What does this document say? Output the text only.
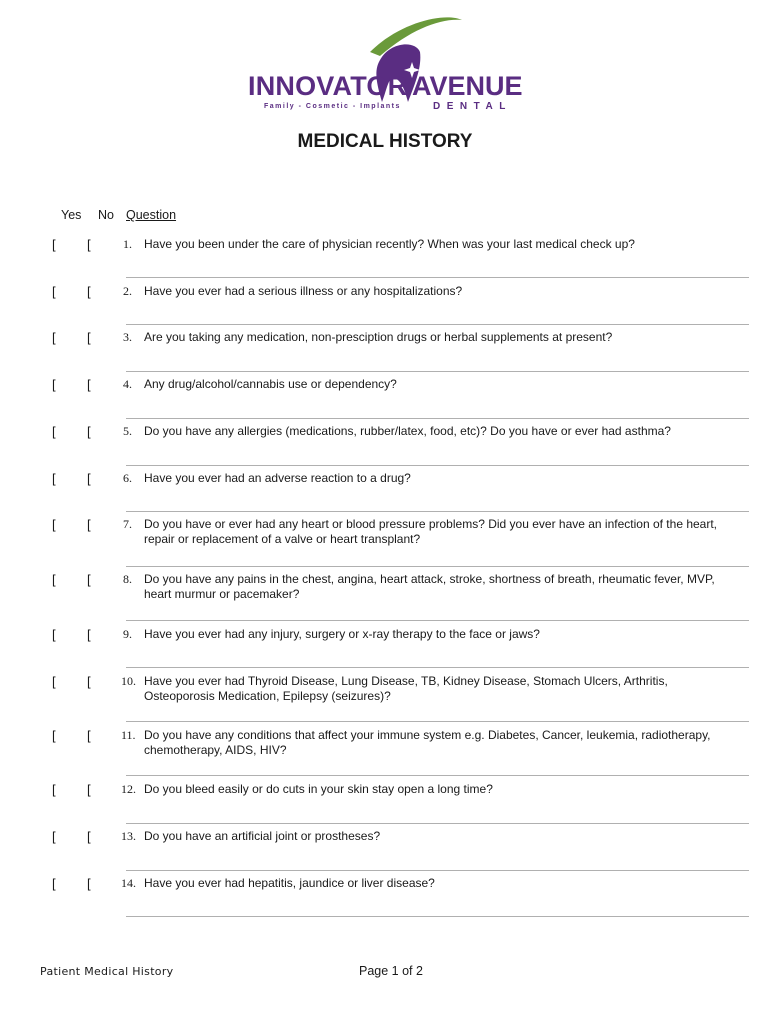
INNOVATOR AVENUE
Family - Cosmetic - Implants	DENTAL
MEDICAL HISTORY
Yes No Question
[ [	1. Have you been under the care of physician recently? When was your last medical check up?
[ [	2. Have you ever had a serious illness or any hospitalizations?
[ [	3. Are you taking any medication, non-presciption drugs or herbal supplements at present?
[ [	4. Any drug/alcohol/cannabis use or dependency?
[ [	5. Do you have any allergies (medications, rubber/latex, food, etc)? Do you have or ever had asthma?
[ [	6. Have you ever had an adverse reaction to a drug?
[ [	7. Do you have or ever had any heart or blood pressure problems? Did you ever have an infection of the heart, repair or replacement of a valve or heart transplant?
[ [	8. Do you have any pains in the chest, angina, heart attack, stroke, shortness of breath, rheumatic fever, MVP, heart murmur or pacemaker?
[ [	9. Have you ever had any injury, surgery or x-ray therapy to the face or jaws?
[ [	10. Have you ever had Thyroid Disease, Lung Disease, TB, Kidney Disease, Stomach Ulcers, Arthritis, Osteoporosis Medication, Epilepsy (seizures)?
[ [	11. Do you have any conditions that affect your immune system e.g. Diabetes, Cancer, leukemia, radiotherapy, chemotherapy, AIDS, HIV?
[ [	12. Do you bleed easily or do cuts in your skin stay open a long time?
[ [	13. Do you have an artificial joint or prostheses?
[ [	14. Have you ever had hepatitis, jaundice or liver disease?
Patient Medical History	Page 1 of 2
